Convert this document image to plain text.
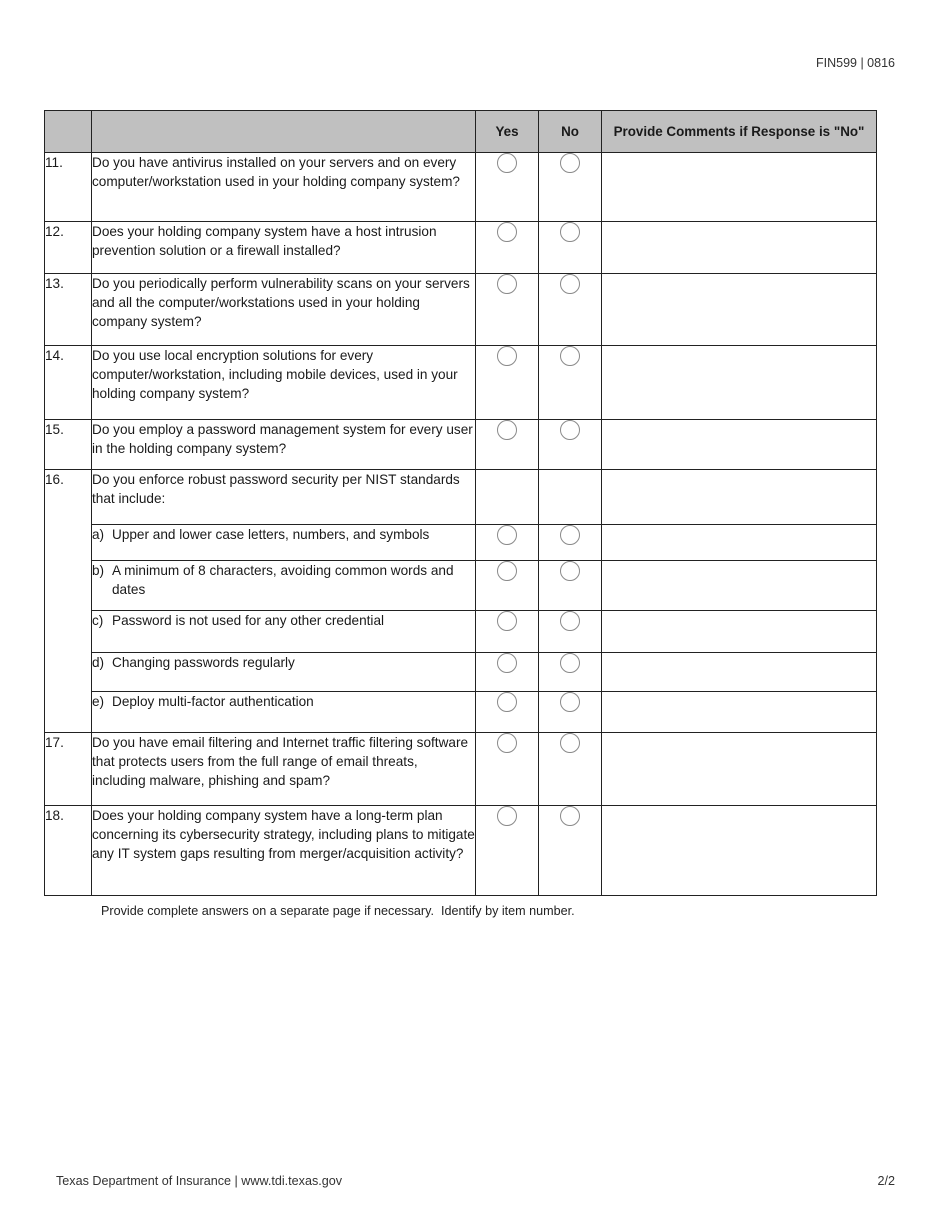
FIN599 | 0816
		Yes	No	Provide Comments if Response is "No"
11.	Do you have antivirus installed on your servers and on every computer/workstation used in your holding company system?			
12.	Does your holding company system have a host intrusion prevention solution or a firewall installed?			
13.	Do you periodically perform vulnerability scans on your servers and all the computer/workstations used in your holding company system?			
14.	Do you use local encryption solutions for every computer/workstation, including mobile devices, used in your holding company system?			
15.	Do you employ a password management system for every user in the holding company system?			
16.	Do you enforce robust password security per NIST standards that include:			

	a) Upper and lower case letters, numbers, and symbols			

	b) A minimum of 8 characters, avoiding common words and dates			

	c) Password is not used for any other credential			

	d) Changing passwords regularly			

	e) Deploy multi-factor authentication			

17.	Do you have email filtering and Internet traffic filtering software that protects users from the full range of email threats, including malware, phishing and spam?			
18.	Does your holding company system have a long-term plan concerning its cybersecurity strategy, including plans to mitigate any IT system gaps resulting from merger/acquisition activity?			
Provide complete answers on a separate page if necessary.  Identify by item number.
Texas Department of Insurance | www.tdi.texas.gov	2/2
